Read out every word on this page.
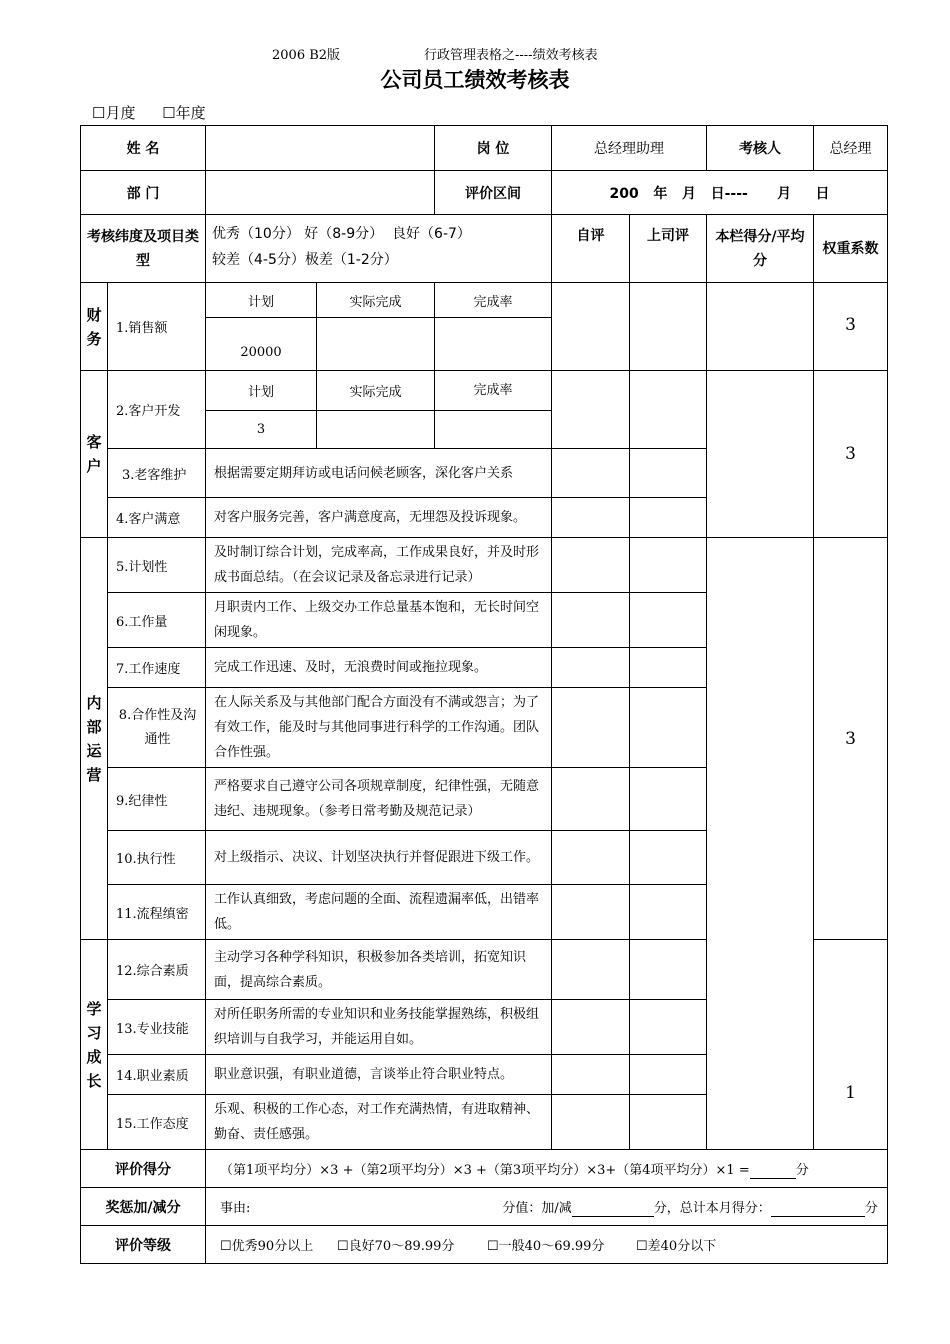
2006 B2版	行政管理表格之----绩效考核表
公司员工绩效考核表
☐月度 ☐年度
姓 名				岗 位	总经理助理		考核人	总经理
部 门				评价区间	200   年   月   日----      月     日			
考核纬度及项目类型		优秀（10分） 好（8-9分）  良好（6-7）
较差（4-5分）极差（1-2分）			自评	上司评	本栏得分/平均分	权重系数
财务	1.销售额	计划	实际完成	完成率				3
		20000						
客户	2.客户开发	计划	实际完成	完成率				3
		3						
	3.老客维护	根据需要定期拜访或电话问候老顾客，深化客户关系						
	4.客户满意	对客户服务完善，客户满意度高，无埋怨及投诉现象。						
内部运营	5.计划性	及时制订综合计划，完成率高，工作成果良好，并及时形成书面总结。（在会议记录及备忘录进行记录）						3
	6.工作量	月职责内工作、上级交办工作总量基本饱和，无长时间空闲现象。						
	7.工作速度	完成工作迅速、及时，无浪费时间或拖拉现象。						
	8.合作性及沟通性	在人际关系及与其他部门配合方面没有不满或怨言；为了有效工作，能及时与其他同事进行科学的工作沟通。团队合作性强。						
	9.纪律性	严格要求自己遵守公司各项规章制度，纪律性强，无随意违纪、违规现象。（参考日常考勤及规范记录）						
	10.执行性	对上级指示、决议、计划坚决执行并督促跟进下级工作。						
	11.流程缜密	工作认真细致，考虑问题的全面、流程遗漏率低，出错率低。						
学习成长	12.综合素质	主动学习各种学科知识，积极参加各类培训，拓宽知识面，提高综合素质。						1
	13.专业技能	对所任职务所需的专业知识和业务技能掌握熟练，积极组织培训与自我学习，并能运用自如。						
	14.职业素质	职业意识强，有职业道德，言谈举止符合职业特点。						
	15.工作态度	乐观、积极的工作心态，对工作充满热情，有进取精神、勤奋、责任感强。						
评价得分		（第1项平均分）×3 +（第2项平均分）×3 +（第3项平均分）×3+（第4项平均分）×1 = 分						
奖惩加/减分		事由: 分值：加/减 分，总计本月得分： 分						
评价等级		☐优秀90分以上 ☐良好70～89.99分 ☐一般40～69.99分 ☐差40分以下						
